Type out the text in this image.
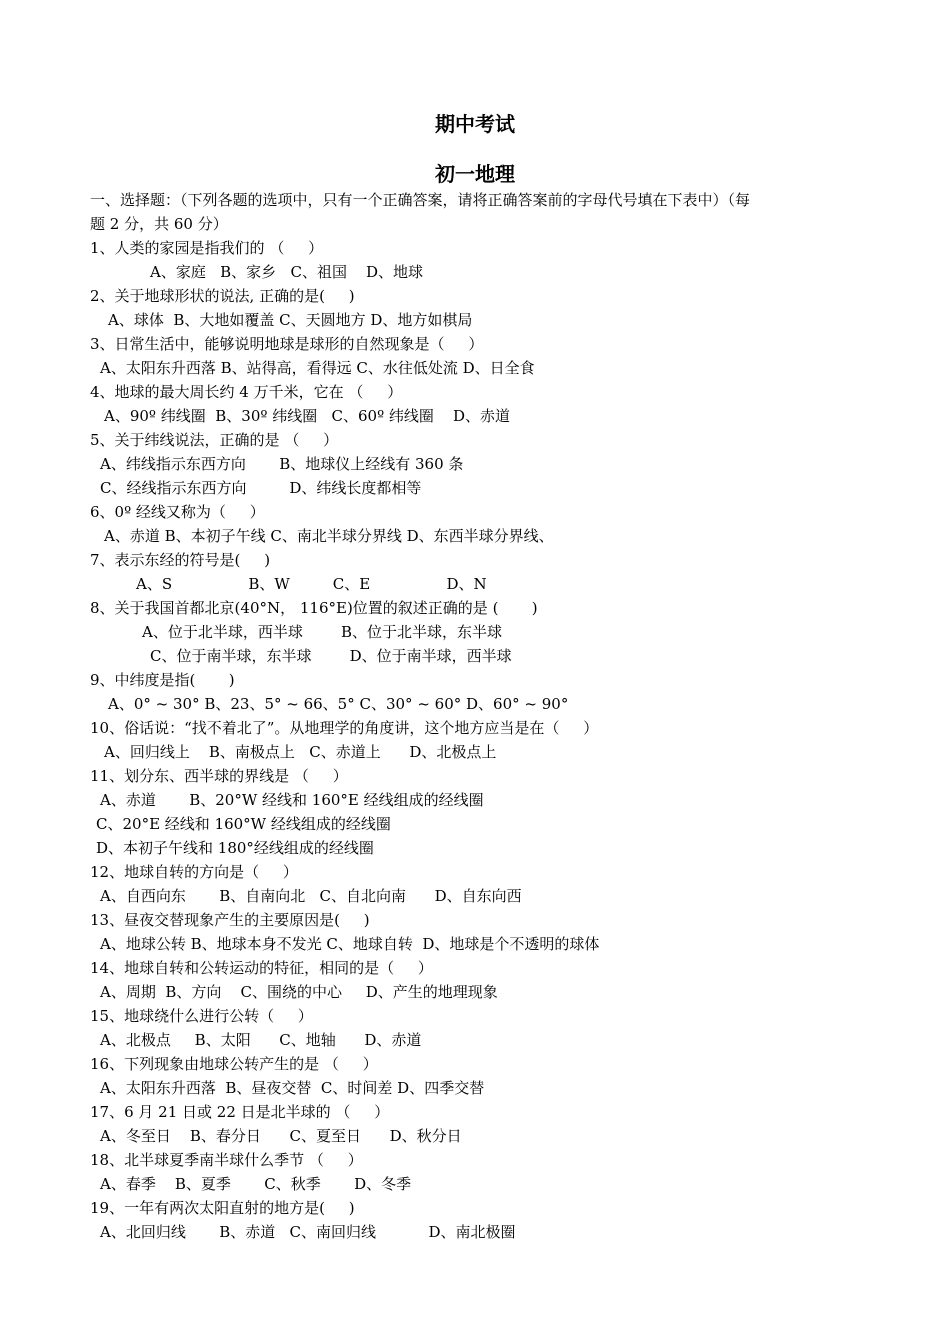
期中考试
初一地理
一、选择题：（下列各题的选项中，只有一个正确答案，请将正确答案前的字母代号填在下表中）（每
题 2 分，共 60 分）
1、人类的家园是指我们的 （     ）
A、家庭   B、家乡   C、祖国    D、地球
2、关于地球形状的说法, 正确的是(     )
A、球体  B、大地如覆盖 C、天圆地方 D、地方如棋局
3、日常生活中，能够说明地球是球形的自然现象是（     ）
A、太阳东升西落 B、站得高，看得远 C、水往低处流 D、日全食
4、地球的最大周长约 4 万千米，它在 （     ）
A、90º 纬线圈  B、30º 纬线圈   C、60º 纬线圈    D、赤道
5、关于纬线说法，正确的是 （     ）
A、纬线指示东西方向       B、地球仪上经线有 360 条
C、经线指示东西方向         D、纬线长度都相等
6、0º 经线又称为（     ）
A、赤道 B、本初子午线 C、南北半球分界线 D、东西半球分界线、
7、表示东经的符号是(     )
A、S                B、W         C、E                D、N
8、关于我国首都北京(40°N， 116°E)位置的叙述正确的是 (       )
A、位于北半球，西半球        B、位于北半球，东半球
C、位于南半球，东半球        D、位于南半球，西半球
9、中纬度是指(       )
A、0° ~ 30° B、23、5° ~ 66、5° C、30° ~ 60° D、60° ~ 90°
10、俗话说：“找不着北了”。从地理学的角度讲，这个地方应当是在（     ）
A、回归线上    B、南极点上   C、赤道上      D、北极点上
11、划分东、西半球的界线是 （     ）
A、赤道       B、20°W 经线和 160°E 经线组成的经线圈
C、20°E 经线和 160°W 经线组成的经线圈
D、本初子午线和 180°经线组成的经线圈
12、地球自转的方向是（     ）
A、自西向东       B、自南向北   C、自北向南      D、自东向西
13、昼夜交替现象产生的主要原因是(     )
A、地球公转 B、地球本身不发光 C、地球自转  D、地球是个不透明的球体
14、地球自转和公转运动的特征，相同的是（     ）
A、周期  B、方向    C、围绕的中心     D、产生的地理现象
15、地球绕什么进行公转（     ）
A、北极点     B、太阳      C、地轴      D、赤道
16、下列现象由地球公转产生的是 （     ）
A、太阳东升西落  B、昼夜交替  C、时间差 D、四季交替
17、6 月 21 日或 22 日是北半球的 （     ）
A、冬至日    B、春分日      C、夏至日      D、秋分日
18、北半球夏季南半球什么季节 （     ）
A、春季    B、夏季       C、秋季       D、冬季
19、一年有两次太阳直射的地方是(     )
A、北回归线       B、赤道   C、南回归线           D、南北极圈
